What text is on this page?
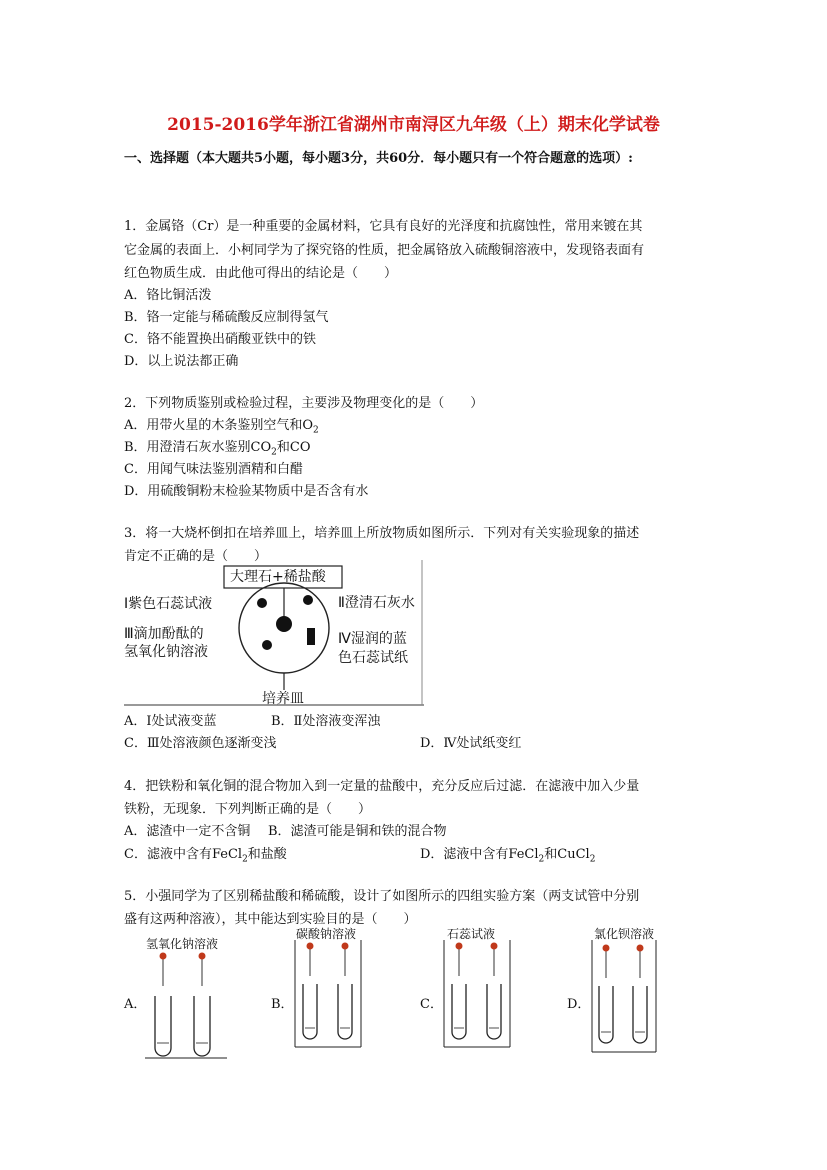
2015-2016学年浙江省湖州市南浔区九年级（上）期末化学试卷
一、选择题（本大题共5小题，每小题3分，共60分．每小题只有一个符合题意的选项）:
1．金属铬（Cr）是一种重要的金属材料，它具有良好的光泽度和抗腐蚀性，常用来镀在其
它金属的表面上．小柯同学为了探究铬的性质，把金属铬放入硫酸铜溶液中，发现铬表面有
红色物质生成．由此他可得出的结论是（　　）
A．铬比铜活泼
B．铬一定能与稀硫酸反应制得氢气
C．铬不能置换出硝酸亚铁中的铁
D．以上说法都正确
2．下列物质鉴别或检验过程，主要涉及物理变化的是（　　）
A．用带火星的木条鉴别空气和$O_2$
B．用澄清石灰水鉴别$CO_2$和CO
C．用闻气味法鉴别酒精和白醋
D．用硫酸铜粉末检验某物质中是否含有水
3．将一大烧杯倒扣在培养皿上，培养皿上所放物质如图所示．下列对有关实验现象的描述
肯定不正确的是（　　）
大理石+稀盐酸
Ⅰ紫色石蕊试液	Ⅱ澄清石灰水
Ⅲ滴加酚酞的
氢氧化钠溶液
Ⅳ湿润的蓝
色石蕊试纸
培养皿
A．Ⅰ处试液变蓝	B．Ⅱ处溶液变浑浊
C．Ⅲ处溶液颜色逐渐变浅	D．Ⅳ处试纸变红
4．把铁粉和氧化铜的混合物加入到一定量的盐酸中，充分反应后过滤．在滤液中加入少量
铁粉，无现象．下列判断正确的是（　　）
A．滤渣中一定不含铜 B．滤渣可能是铜和铁的混合物
C．滤液中含有FeCl$_2$和盐酸	D．滤液中含有FeCl$_2$和CuCl$_2$
5．小强同学为了区别稀盐酸和稀硫酸，设计了如图所示的四组实验方案（两支试管中分别
盛有这两种溶液），其中能达到实验目的是（　　）
A．
氢氧化钠溶液
B．
碳酸钠溶液
C．
石蕊试液
D．
氯化钡溶液
